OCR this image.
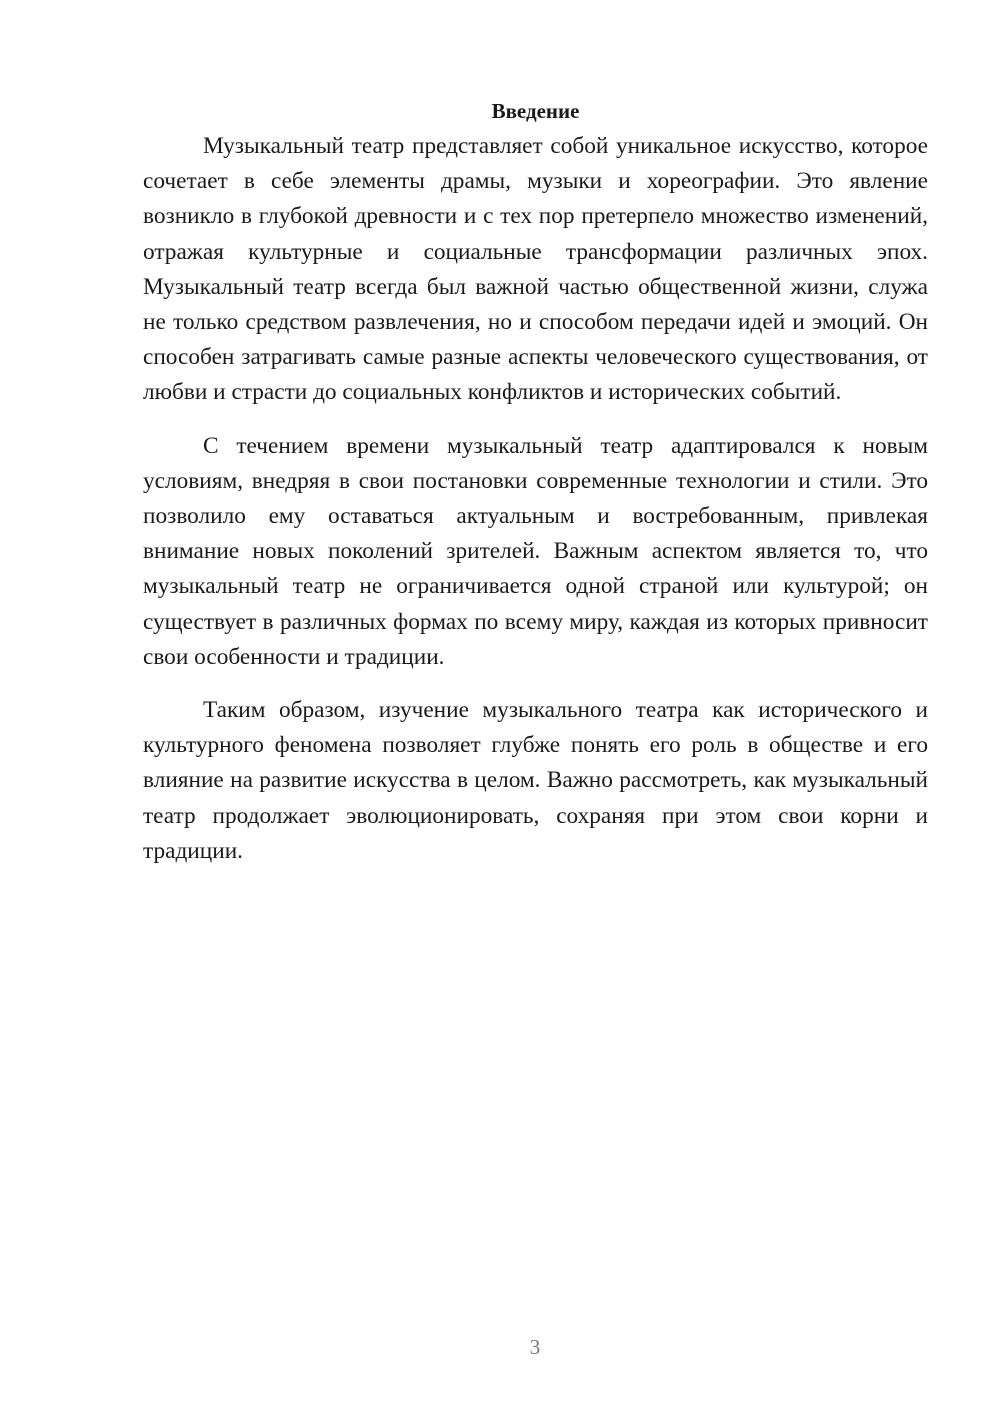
Введение

Музыкальный театр представляет собой уникальное искусство, которое сочетает в себе элементы драмы, музыки и хореографии. Это явление возникло в глубокой древности и с тех пор претерпело множество изменений, отражая культурные и социальные трансформации различных эпох. Музыкальный театр всегда был важной частью общественной жизни, служа не только средством развлечения, но и способом передачи идей и эмоций. Он способен затрагивать самые разные аспекты человеческого существования, от любви и страсти до социальных конфликтов и исторических событий.

С течением времени музыкальный театр адаптировался к новым условиям, внедряя в свои постановки современные технологии и стили. Это позволило ему оставаться актуальным и востребованным, привлекая внимание новых поколений зрителей. Важным аспектом является то, что музыкальный театр не ограничивается одной страной или культурой; он существует в различных формах по всему миру, каждая из которых привносит свои особенности и традиции.

Таким образом, изучение музыкального театра как исторического и культурного феномена позволяет глубже понять его роль в обществе и его влияние на развитие искусства в целом. Важно рассмотреть, как музыкальный театр продолжает эволюционировать, сохраняя при этом свои корни и традиции.

3
